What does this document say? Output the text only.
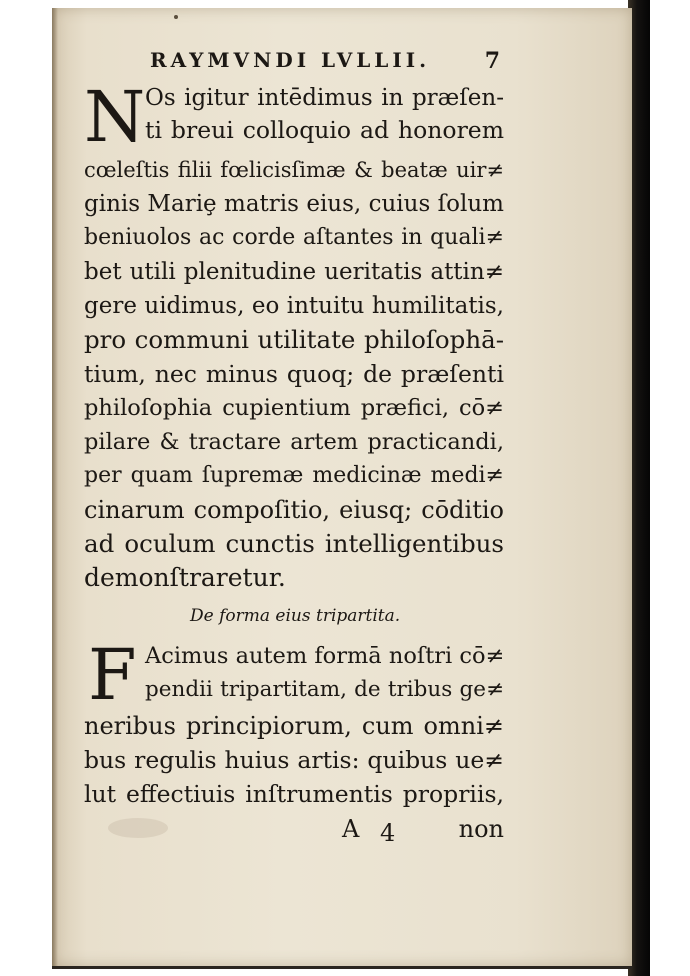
RAYMVNDI LVLLII. 7
N Os igitur intēdimus in præſen-
ti breui colloquio ad honorem
cœleſtis filii fœlicisſimæ & beatæ uir≠
ginis Mariȩ matris eius, cuius ſolum
beniuolos ac corde aſtantes in quali≠
bet utili plenitudine ueritatis attin≠
gere uidimus, eo intuitu humilitatis,
pro communi utilitate philoſophā-
tium, nec minus quoq; de præſenti
philoſophia cupientium præfici, cō≠
pilare & tractare artem practicandi,
per quam ſupremæ medicinæ medi≠
cinarum compoſitio, eiusq; cōditio
ad oculum cunctis intelligentibus
demonſtraretur.
De forma eius tripartita.
F Acimus autem formā noſtri cō≠
pendii tripartitam, de tribus ge≠
neribus principiorum, cum omni≠
bus regulis huius artis: quibus ue≠
lut effectiuis inſtrumentis propriis,
A 4	non
